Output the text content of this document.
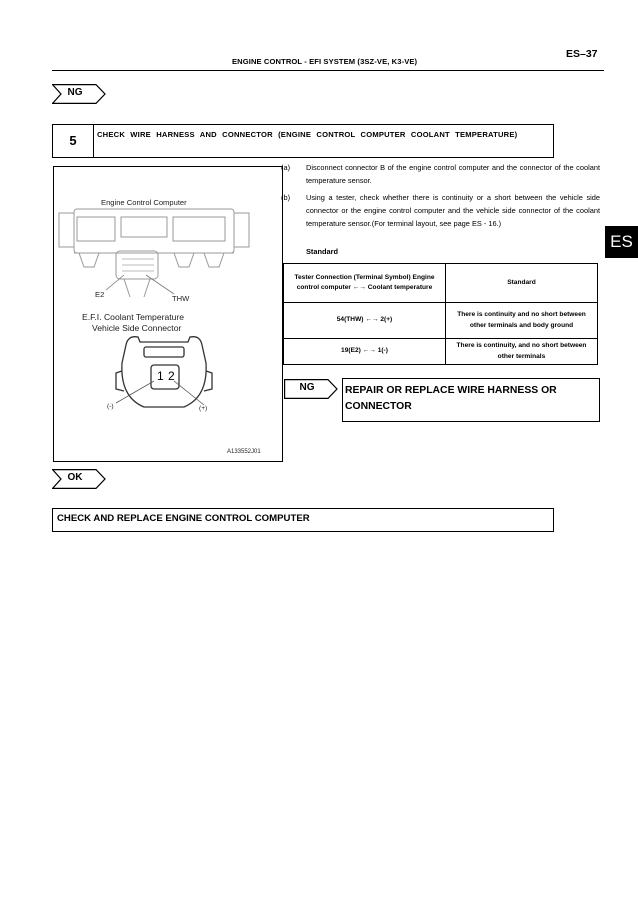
ENGINE CONTROL - EFI SYSTEM (3SZ-VE, K3-VE)
ES–37
NG
5	CHECK WIRE HARNESS AND CONNECTOR (ENGINE CONTROL COMPUTER COOLANT TEMPERATURE)
Engine Control Computer
E2	THW
E.F.I. Coolant Temperature
Vehicle Side Connector
1 2
(-)	(+)
A133552J01
(a) Disconnect connector B of the engine control computer and the connector of the coolant temperature sensor.
(b) Using a tester, check whether there is continuity or a short between the vehicle side connector or the engine control computer and the vehicle side connector of the coolant temperature sensor.(For terminal layout, see page ES - 16.)
Standard
Tester Connection (Terminal Symbol) Engine control computer ←→ Coolant temperature	Standard
54(THW) ←→ 2(+)	There is continuity and no short between other terminals and body ground
19(E2) ←→ 1(-)	There is continuity, and no short between other terminals
NG	REPAIR OR REPLACE WIRE HARNESS OR CONNECTOR
ES
OK
CHECK AND REPLACE ENGINE CONTROL COMPUTER
